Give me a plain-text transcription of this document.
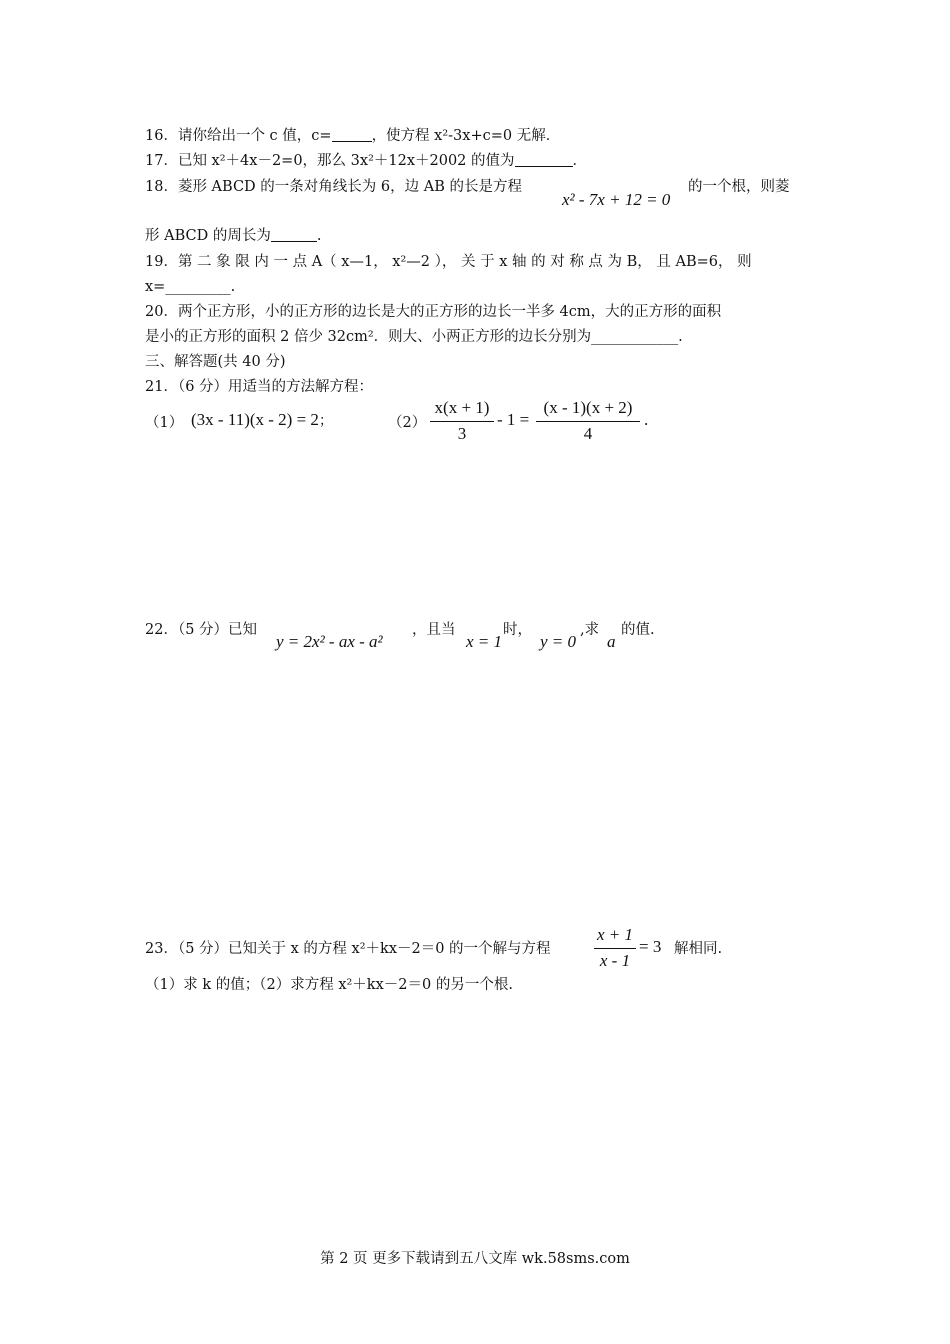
16．请你给出一个 c 值，c=	，使方程 x²-3x+c=0 无解．
17．已知 x²＋4x－2=0，那么 3x²＋12x＋2002 的值为	．
18．菱形 ABCD 的一条对角线长为 6，边 AB 的长是方程
x² - 7x + 12 = 0
的一个根，则菱
形 ABCD 的周长为	.
19．第 二 象 限 内 一 点 A（ x—1， x²—2 ）， 关 于 x 轴 的 对 称 点 为 B， 且 AB=6， 则
x=_________.
20．两个正方形，小的正方形的边长是大的正方形的边长一半多 4cm，大的正方形的面积
是小的正方形的面积 2 倍少 32cm²．则大、小两正方形的边长分别为____________.
三、解答题(共 40 分)
21．（6 分）用适当的方法解方程：
（1） (3x - 11)(x - 2) = 2；	（2）
x(x + 1)
3
- 1 =
(x - 1)(x + 2)
4
.
22．（5 分）已知
y = 2x² - ax - a²
，且当
x = 1
时，
y = 0
,求
a
的值.
23．（5 分）已知关于 x 的方程 x²＋kx－2＝0 的一个解与方程
x + 1
x - 1
= 3 解相同.
（1）求 k 的值；（2）求方程 x²＋kx－2＝0 的另一个根.
第 2 页 更多下载请到五八文库 wk.58sms.com
